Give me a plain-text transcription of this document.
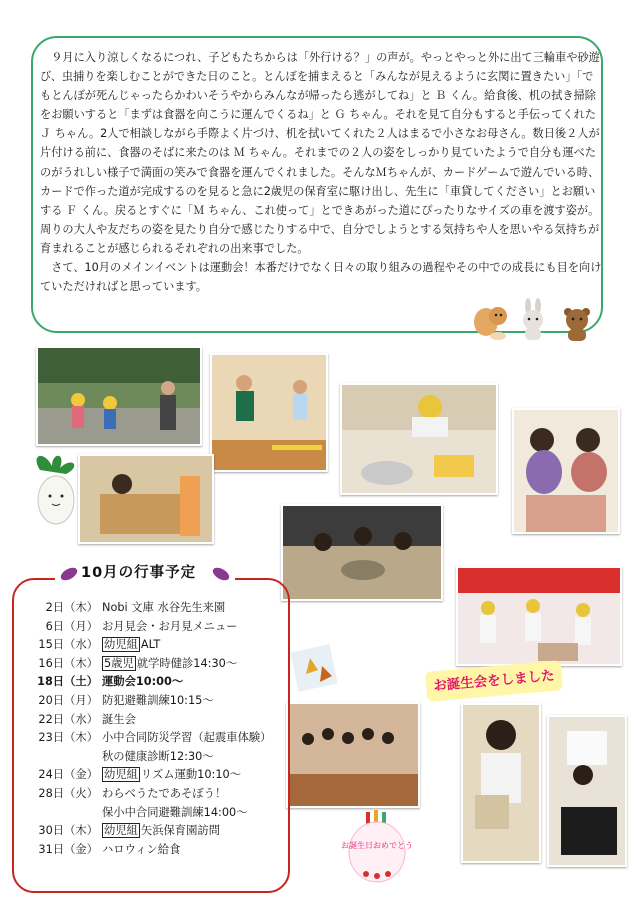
９月に入り涼しくなるにつれ、子どもたちからは「外行ける？」の声が。やっとやっと外に出て三輪車や砂遊び、虫捕りを楽しむことができた日のこと。とんぼを捕まえると「みんなが見えるように玄関に置きたい」「でもとんぼが死んじゃったらかわいそうやからみんなが帰ったら逃がしてね」と Ｂ くん。給食後、机の拭き掃除をお願いすると「まずは食器を向こうに運んでくるね」と Ｇ ちゃん。それを見て自分もすると手伝ってくれた Ｊ ちゃん。2人で相談しながら手際よく片づけ、机を拭いてくれた２人はまるで小さなお母さん。数日後２人が片付ける前に、食器のそばに来たのは Ｍ ちゃん。それまでの２人の姿をしっかり見ていたようで自分も運べたのがうれしい様子で満面の笑みで食器を運んでくれました。そんなＭちゃんが、カードゲームで遊んでいる時、カードで作った道が完成するのを見ると急に2歳児の保育室に駆け出し、先生に「車貸してください」とお願いする Ｆ くん。戻るとすぐに「Ｍ ちゃん、これ使って」とできあがった道にぴったりなサイズの車を渡す姿が。周りの大人や友だちの姿を見たり自分で感じたりする中で、自分でしようとする気持ちや人を思いやる気持ちが育まれることが感じられるそれぞれの出来事でした。

さて、10月のメインイベントは運動会！本番だけでなく日々の取り組みの過程やその中での成長にも目を向けていただければと思っています。

お誕生日おめでとう
お誕生会をしました
10月の行事予定
2日（木） Nobi 文庫 水谷先生来園
6日（月） お月見会・お月見メニュー
15日（水） 幼児組 ALT
16日（木） 5歳児 就学時健診14:30〜
18日（土） 運動会10:00〜
20日（月） 防犯避難訓練10:15〜
22日（水） 誕生会
23日（木） 小中合同防災学習（起震車体験）
秋の健康診断12:30〜
24日（金） 幼児組 リズム運動10:10〜
28日（火） わらべうたであそぼう！
保小中合同避難訓練14:00〜
30日（木） 幼児組 矢浜保育園訪問
31日（金） ハロウィン給食
